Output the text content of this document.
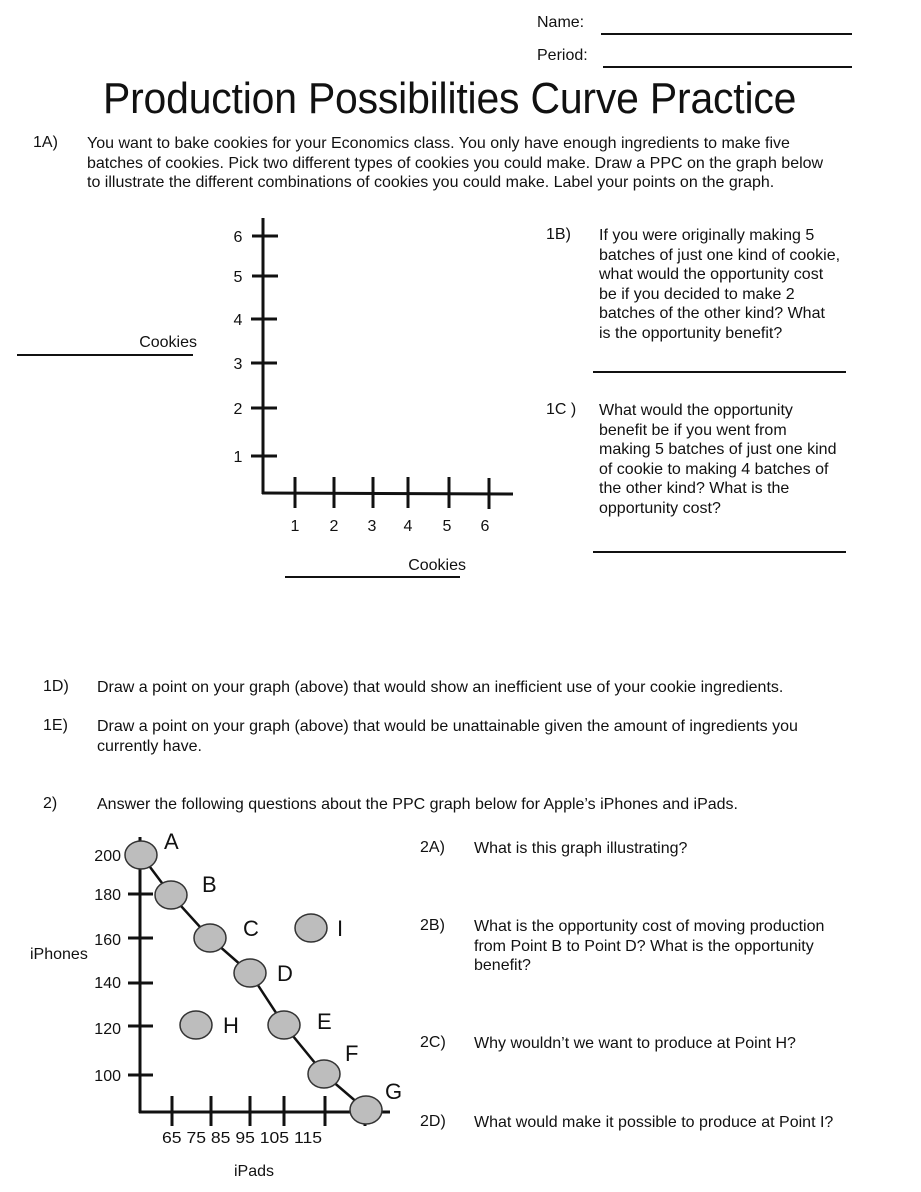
Name:
Period:
Production Possibilities Curve Practice
1A) You want to bake cookies for your Economics class. You only have enough ingredients to make five
batches of cookies. Pick two different types of cookies you could make. Draw a PPC on the graph below
to illustrate the different combinations of cookies you could make. Label your points on the graph.
6
5
4
3
2
1
1 2 3 4 5 6
Cookies
Cookies
1B) If you were originally making 5
batches of just one kind of cookie,
what would the opportunity cost
be if you decided to make 2
batches of the other kind? What
is the opportunity benefit?
1C ) What would the opportunity
benefit be if you went from
making 5 batches of just one kind
of cookie to making 4 batches of
the other kind? What is the
opportunity cost?
1D) Draw a point on your graph (above) that would show an inefficient use of your cookie ingredients.
1E) Draw a point on your graph (above) that would be unattainable given the amount of ingredients you
currently have.
2) Answer the following questions about the PPC graph below for Apple’s iPhones and iPads.
A
B
C
D
E
F
G
H
I
200
180
160
140
120
100
iPhones
65 75 85 95 105 115
iPads
2A) What is this graph illustrating?
2B) What is the opportunity cost of moving production
from Point B to Point D? What is the opportunity
benefit?
2C) Why wouldn’t we want to produce at Point H?
2D) What would make it possible to produce at Point I?
